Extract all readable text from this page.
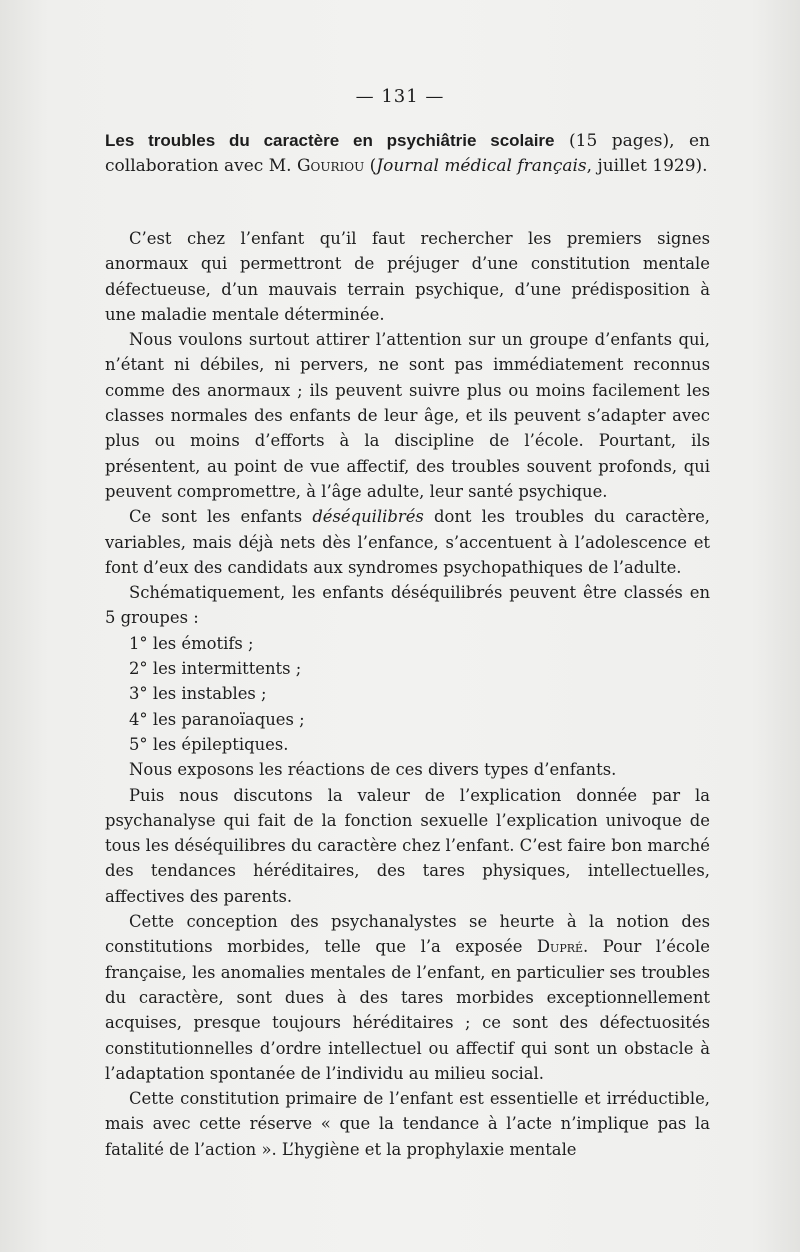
— 131 —
Les troubles du caractère en psychiâtrie scolaire (15 pages), en collaboration avec M. Gouriou (Journal médical français, juillet 1929).

C’est chez l’enfant qu’il faut rechercher les premiers signes anormaux qui permettront de préjuger d’une constitution mentale défectueuse, d’un mauvais terrain psychique, d’une prédisposition à une maladie mentale déterminée.

Nous voulons surtout attirer l’attention sur un groupe d’enfants qui, n’étant ni débiles, ni pervers, ne sont pas immédiatement reconnus comme des anormaux ; ils peuvent suivre plus ou moins facilement les classes normales des enfants de leur âge, et ils peuvent s’adapter avec plus ou moins d’efforts à la discipline de l’école. Pourtant, ils présentent, au point de vue affectif, des troubles souvent profonds, qui peuvent compromettre, à l’âge adulte, leur santé psychique.

Ce sont les enfants déséquilibrés dont les troubles du caractère, variables, mais déjà nets dès l’enfance, s’accentuent à l’adolescence et font d’eux des candidats aux syndromes psychopathiques de l’adulte.

Schématiquement, les enfants déséquilibrés peuvent être classés en 5 groupes :

1° les émotifs ;

2° les intermittents ;

3° les instables ;

4° les paranoïaques ;

5° les épileptiques.

Nous exposons les réactions de ces divers types d’enfants.

Puis nous discutons la valeur de l’explication donnée par la psychanalyse qui fait de la fonction sexuelle l’explication univoque de tous les déséquilibres du caractère chez l’enfant. C’est faire bon marché des tendances héréditaires, des tares physiques, intellectuelles, affectives des parents.

Cette conception des psychanalystes se heurte à la notion des constitutions morbides, telle que l’a exposée Dupré. Pour l’école française, les anomalies mentales de l’enfant, en particulier ses troubles du caractère, sont dues à des tares morbides exceptionnellement acquises, presque toujours héréditaires ; ce sont des défectuosités constitutionnelles d’ordre intellectuel ou affectif qui sont un obstacle à l’adaptation spontanée de l’individu au milieu social.

Cette constitution primaire de l’enfant est essentielle et irréductible, mais avec cette réserve « que la tendance à l’acte n’implique pas la fatalité de l’action ». L’hygiène et la prophylaxie mentale
